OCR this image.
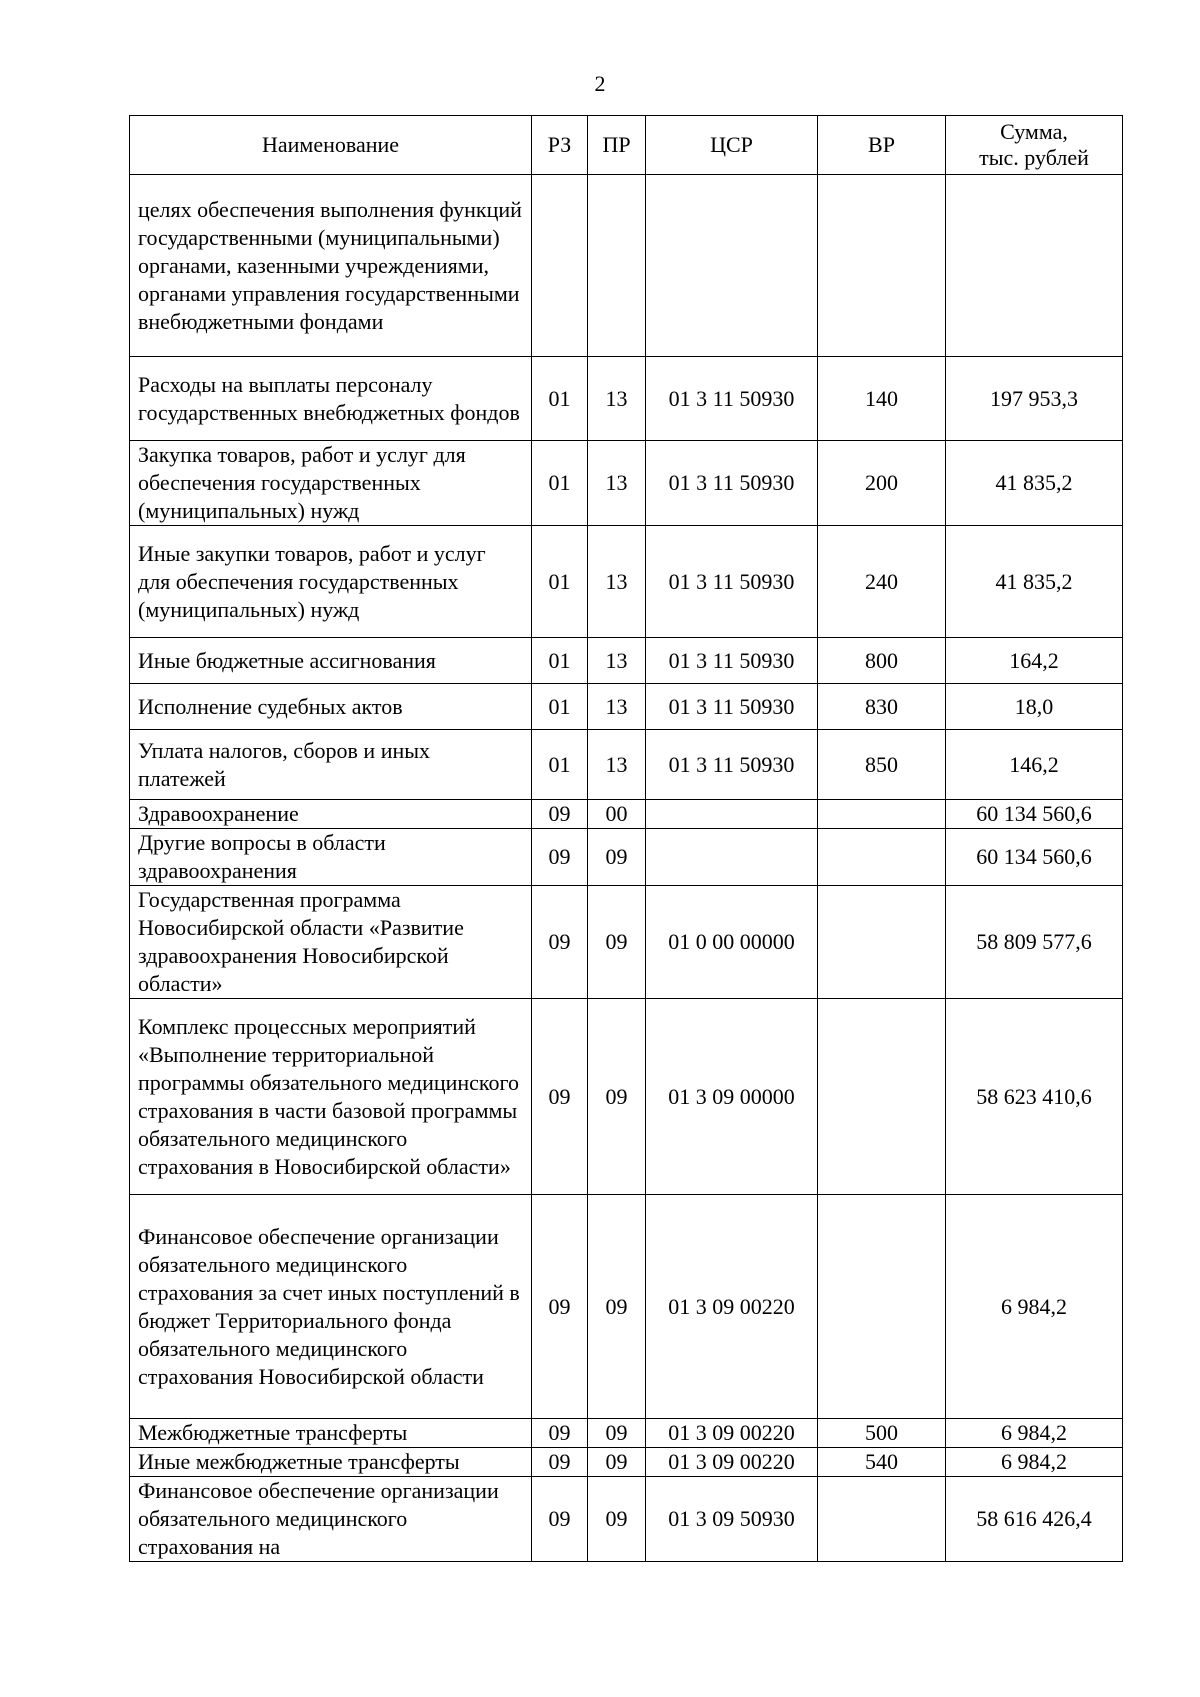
2
Наименование	РЗ	ПР	ЦСР	ВР	Сумма,
тыс. рублей
целях обеспечения выполнения функций государственными (муниципальными) органами, казенными учреждениями, органами управления государственными внебюджетными фондами					
Расходы на выплаты персоналу государственных внебюджетных фондов	01	13	01 3 11 50930	140	197 953,3
Закупка товаров, работ и услуг для обеспечения государственных (муниципальных) нужд	01	13	01 3 11 50930	200	41 835,2
Иные закупки товаров, работ и услуг для обеспечения государственных (муниципальных) нужд	01	13	01 3 11 50930	240	41 835,2
Иные бюджетные ассигнования	01	13	01 3 11 50930	800	164,2
Исполнение судебных актов	01	13	01 3 11 50930	830	18,0
Уплата налогов, сборов и иных платежей	01	13	01 3 11 50930	850	146,2
Здравоохранение	09	00			60 134 560,6
Другие вопросы в области здравоохранения	09	09			60 134 560,6
Государственная программа Новосибирской области «Развитие здравоохранения Новосибирской области»	09	09	01 0 00 00000		58 809 577,6
Комплекс процессных мероприятий «Выполнение территориальной программы обязательного медицинского страхования в части базовой программы обязательного медицинского страхования в Новосибирской области»	09	09	01 3 09 00000		58 623 410,6
Финансовое обеспечение организации обязательного медицинского страхования за счет иных поступлений в бюджет Территориального фонда обязательного медицинского страхования Новосибирской области	09	09	01 3 09 00220		6 984,2
Межбюджетные трансферты	09	09	01 3 09 00220	500	6 984,2
Иные межбюджетные трансферты	09	09	01 3 09 00220	540	6 984,2
Финансовое обеспечение организации обязательного медицинского страхования на	09	09	01 3 09 50930		58 616 426,4
